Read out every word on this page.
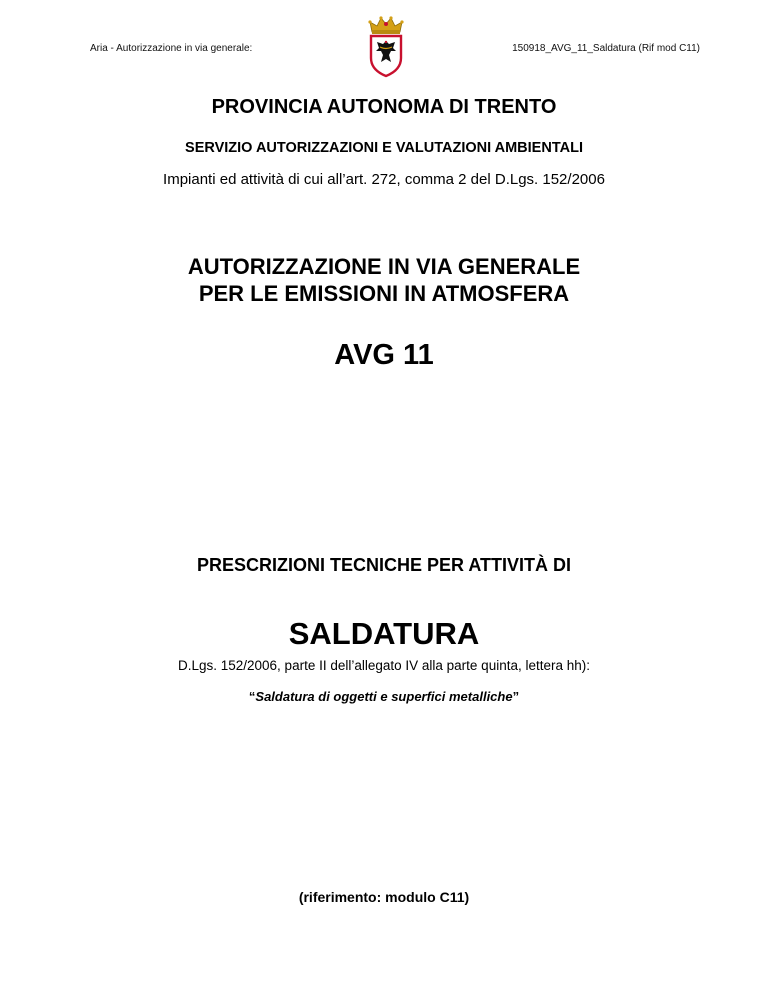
Aria - Autorizzazione in via generale:	150918_AVG_11_Saldatura (Rif mod C11)
PROVINCIA AUTONOMA DI TRENTO
SERVIZIO AUTORIZZAZIONI E VALUTAZIONI AMBIENTALI
Impianti ed attività di cui all’art. 272, comma 2 del D.Lgs. 152/2006
AUTORIZZAZIONE IN VIA GENERALE
PER LE EMISSIONI IN ATMOSFERA
AVG 11
PRESCRIZIONI TECNICHE PER ATTIVITÀ DI
SALDATURA
D.Lgs. 152/2006, parte II dell’allegato IV alla parte quinta, lettera hh):
“Saldatura di oggetti e superfici metalliche”
(riferimento: modulo C11)
